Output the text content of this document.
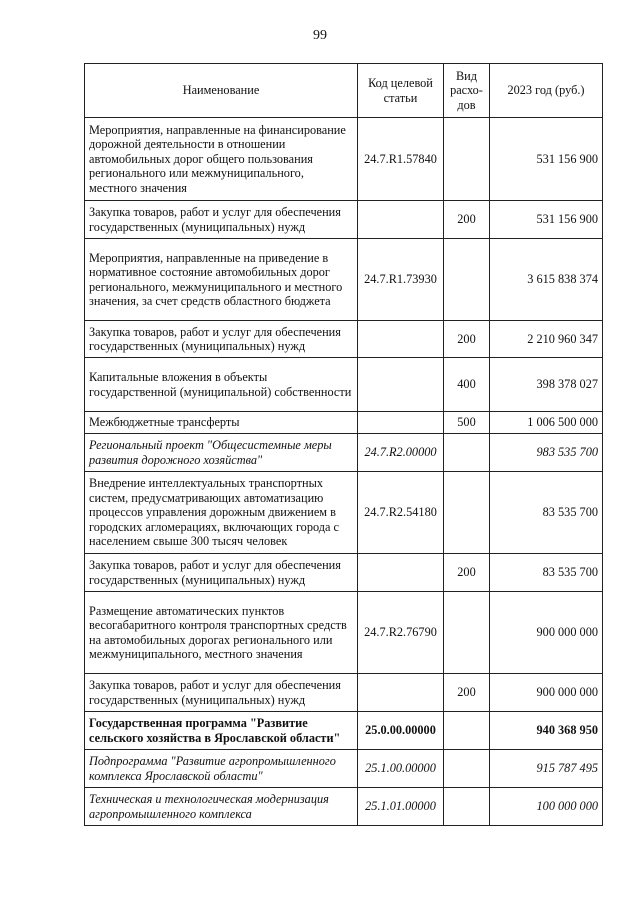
99
Наименование	Код целевой статьи	Вид расхо-дов	2023 год (руб.)
Мероприятия, направленные на финансирование дорожной деятельности в отношении автомобильных дорог общего пользования регионального или межмуниципального, местного значения	24.7.R1.57840		531 156 900
Закупка товаров, работ и услуг для обеспечения государственных (муниципальных) нужд		200	531 156 900
Мероприятия, направленные на приведение в нормативное состояние автомобильных дорог регионального, межмуниципального и местного значения, за счет средств областного бюджета	24.7.R1.73930		3 615 838 374
Закупка товаров, работ и услуг для обеспечения государственных (муниципальных) нужд		200	2 210 960 347
Капитальные вложения в объекты государственной (муниципальной) собственности		400	398 378 027
Межбюджетные трансферты		500	1 006 500 000
Региональный проект "Общесистемные меры развития дорожного хозяйства"	24.7.R2.00000		983 535 700
Внедрение интеллектуальных транспортных систем, предусматривающих автоматизацию процессов управления дорожным движением в городских агломерациях, включающих города с населением свыше 300 тысяч человек	24.7.R2.54180		83 535 700
Закупка товаров, работ и услуг для обеспечения государственных (муниципальных) нужд		200	83 535 700
Размещение автоматических пунктов весогабаритного контроля транспортных средств на автомобильных дорогах регионального или межмуниципального, местного значения	24.7.R2.76790		900 000 000
Закупка товаров, работ и услуг для обеспечения государственных (муниципальных) нужд		200	900 000 000
Государственная программа "Развитие сельского хозяйства в Ярославской области"	25.0.00.00000		940 368 950
Подпрограмма "Развитие агропромышленного комплекса Ярославской области"	25.1.00.00000		915 787 495
Техническая и технологическая модернизация агропромышленного комплекса	25.1.01.00000		100 000 000
